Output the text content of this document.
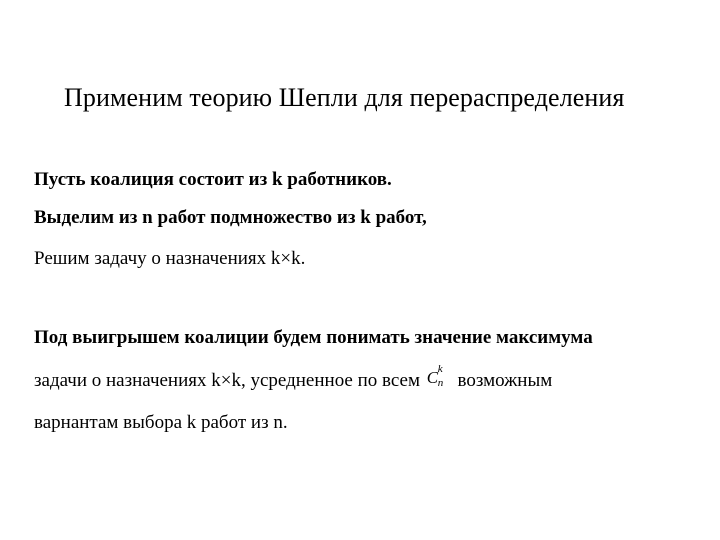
Применим теорию Шепли для перераспределения
Пусть коалиция состоит из k работников.
Выделим из n работ подмножество из k работ,
Решим задачу о назначениях k×k.
Под выигрышем коалиции будем понимать значение максимума
задачи о назначениях k×k, усредненное по всем C k
n возможным
варнантам выбора k работ из n.
